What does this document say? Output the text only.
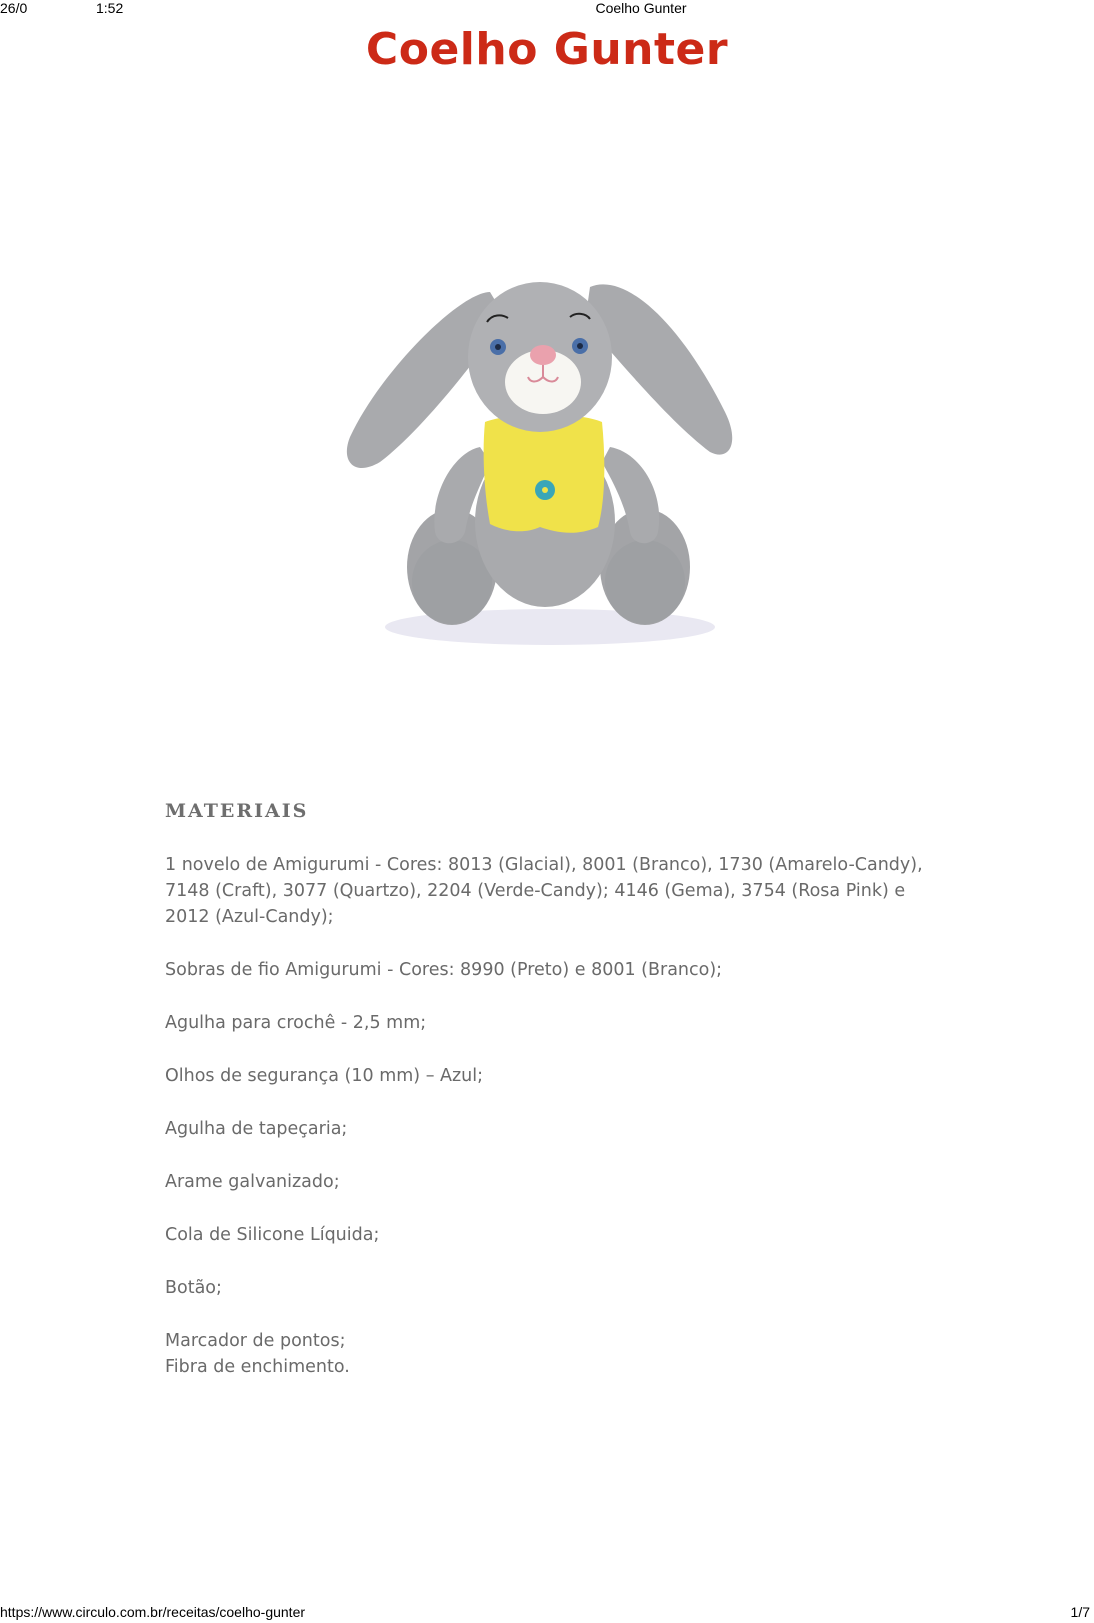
26/0	1:52	Coelho Gunter
Coelho Gunter
MATERIAIS
1 novelo de Amigurumi - Cores: 8013 (Glacial), 8001 (Branco), 1730 (Amarelo-Candy), 7148 (Craft), 3077 (Quartzo), 2204 (Verde-Candy); 4146 (Gema), 3754 (Rosa Pink) e 2012 (Azul-Candy);
Sobras de fio Amigurumi - Cores: 8990 (Preto) e 8001 (Branco);
Agulha para crochê - 2,5 mm;
Olhos de segurança (10 mm) – Azul;
Agulha de tapeçaria;
Arame galvanizado;
Cola de Silicone Líquida;
Botão;
Marcador de pontos;
Fibra de enchimento.
https://www.circulo.com.br/receitas/coelho-gunter	1/7
